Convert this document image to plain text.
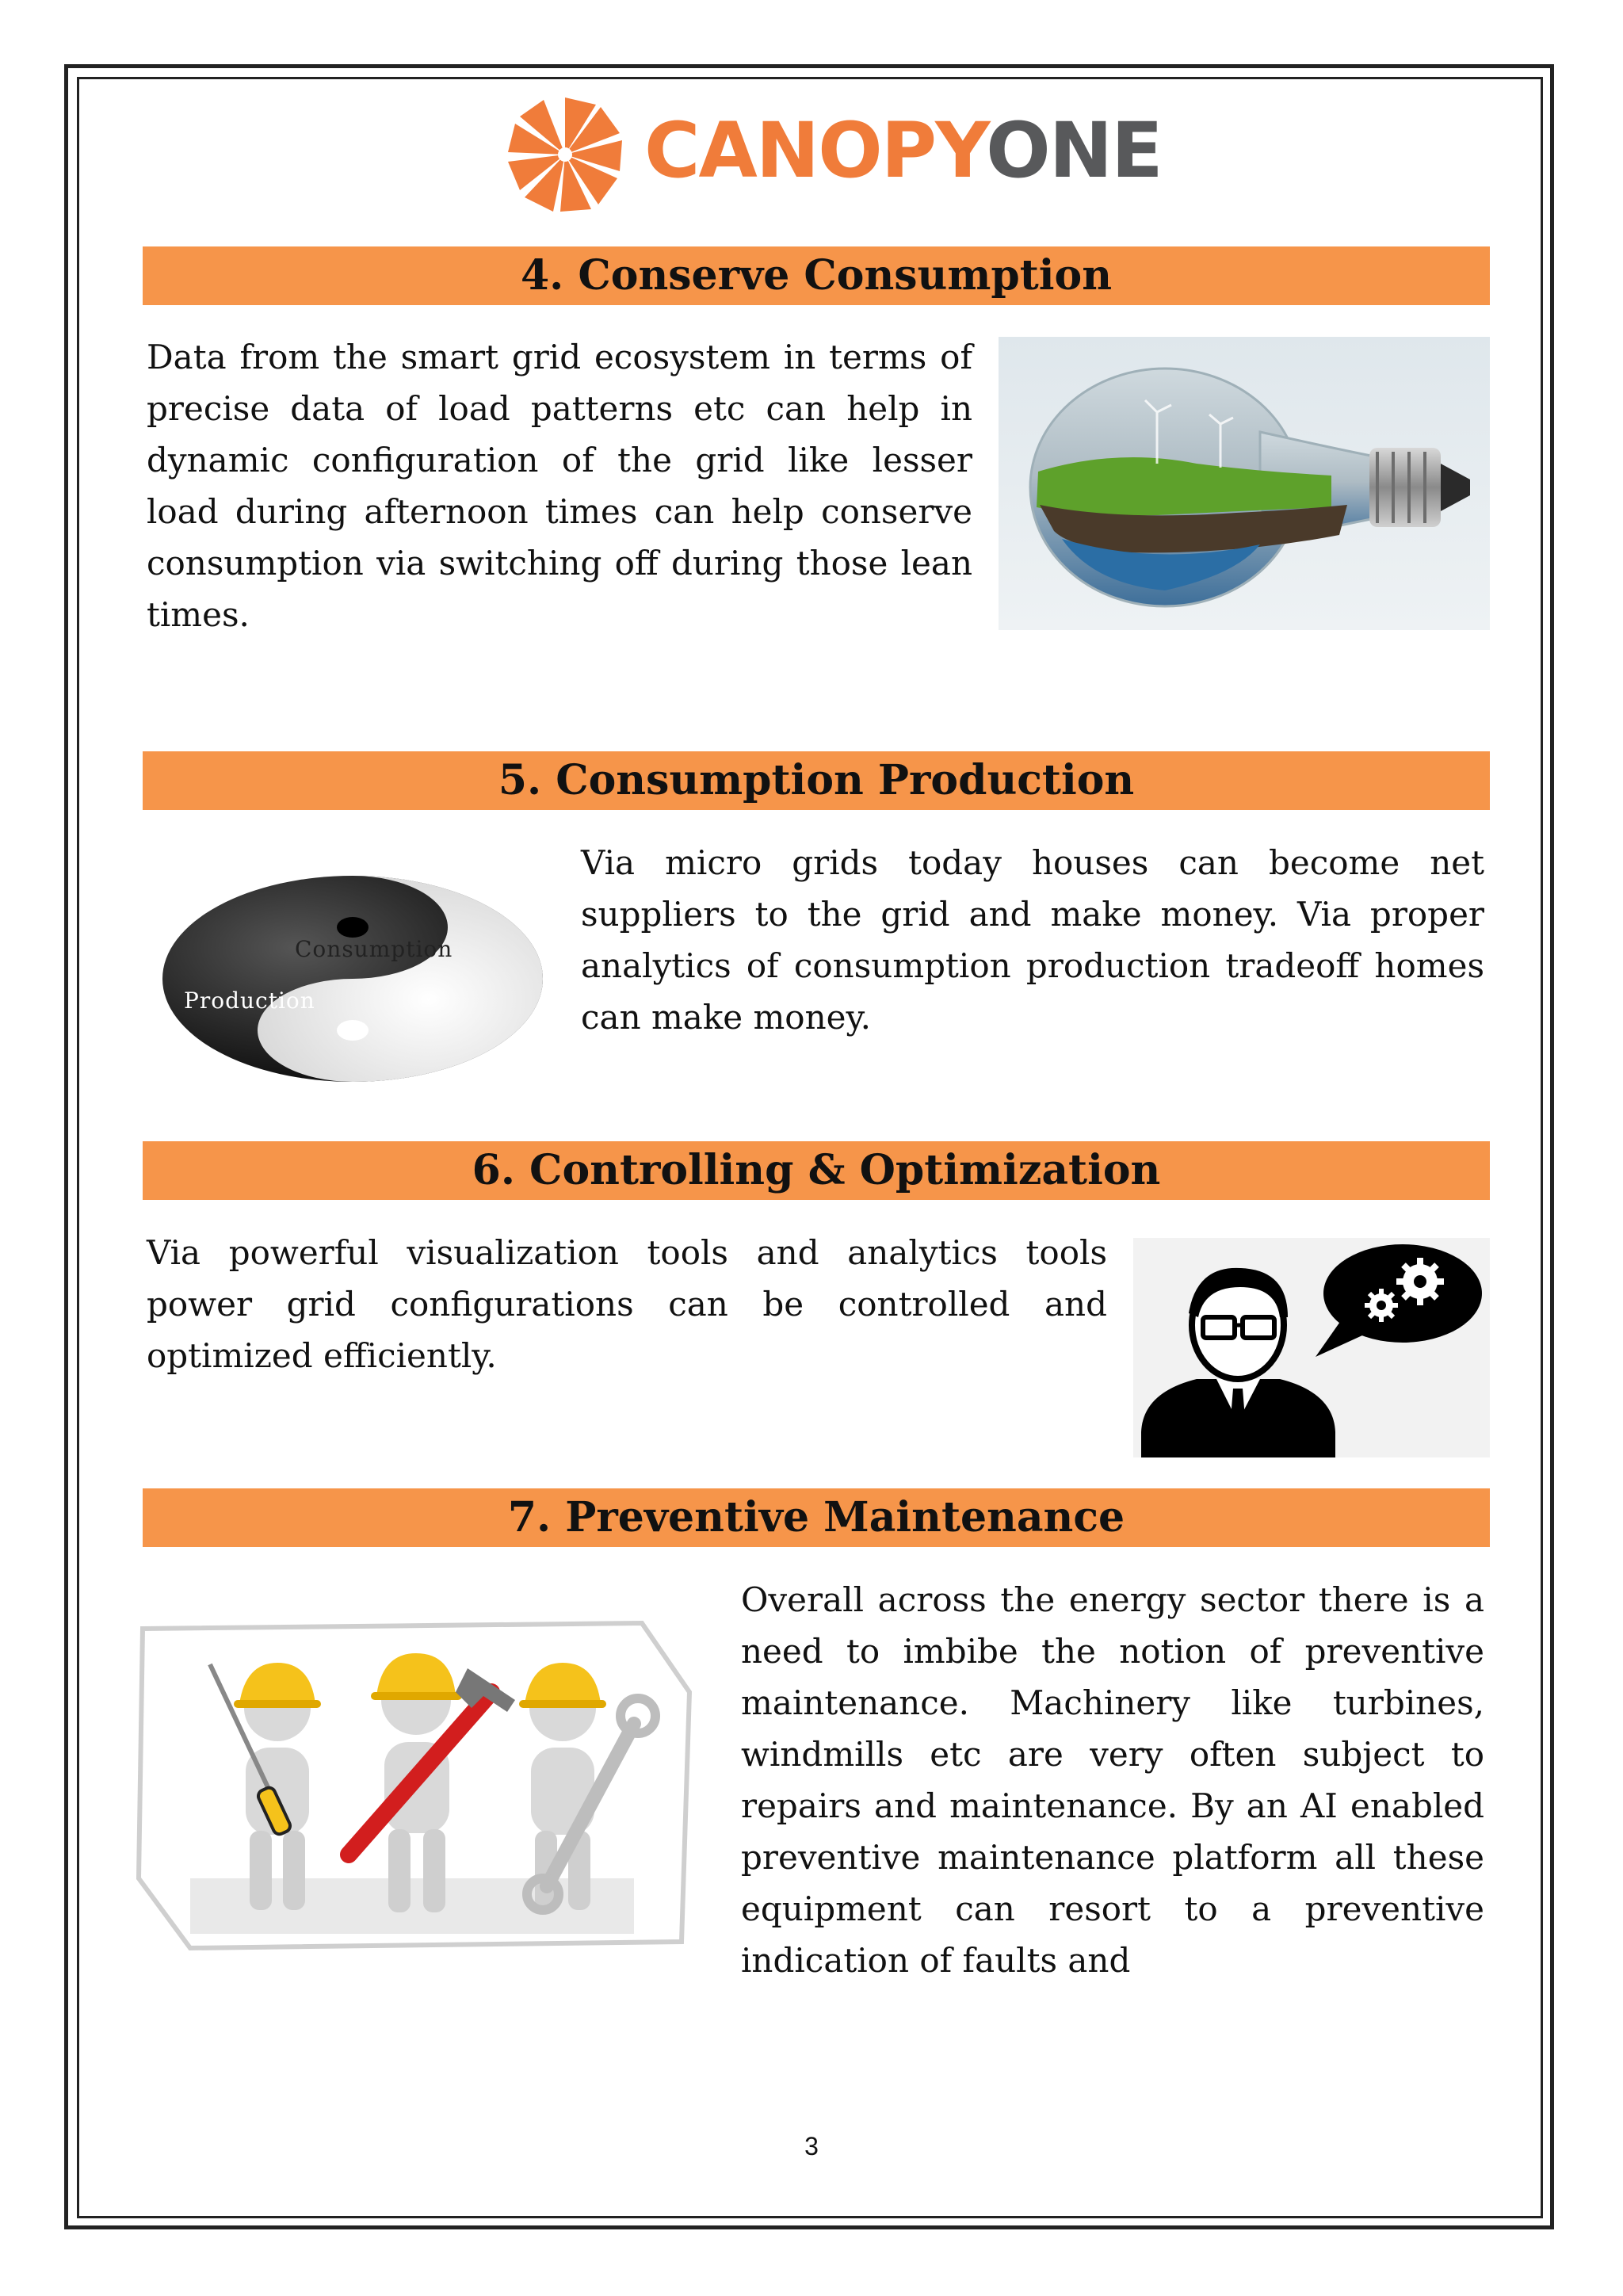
CANOPYONE
4. Conserve Consumption

Data from the smart grid ecosystem in terms of precise data of load patterns etc can help in dynamic configuration of the grid like lesser load during afternoon times can help conserve consumption via switching off during those lean times.

5. Consumption Production

Via micro grids today houses can become net suppliers to the grid and make money. Via proper analytics of consumption production tradeoff homes can make money.

Consumption
Production
6. Controlling & Optimization

Via powerful visualization tools and analytics tools power grid configurations can be controlled and optimized efficiently.

7. Preventive Maintenance

Overall across the energy sector there is a need to imbibe the notion of preventive maintenance. Machinery like turbines, windmills etc are very often subject to repairs and maintenance. By an AI enabled preventive maintenance platform all these equipment can resort to a preventive indication of faults and

3
